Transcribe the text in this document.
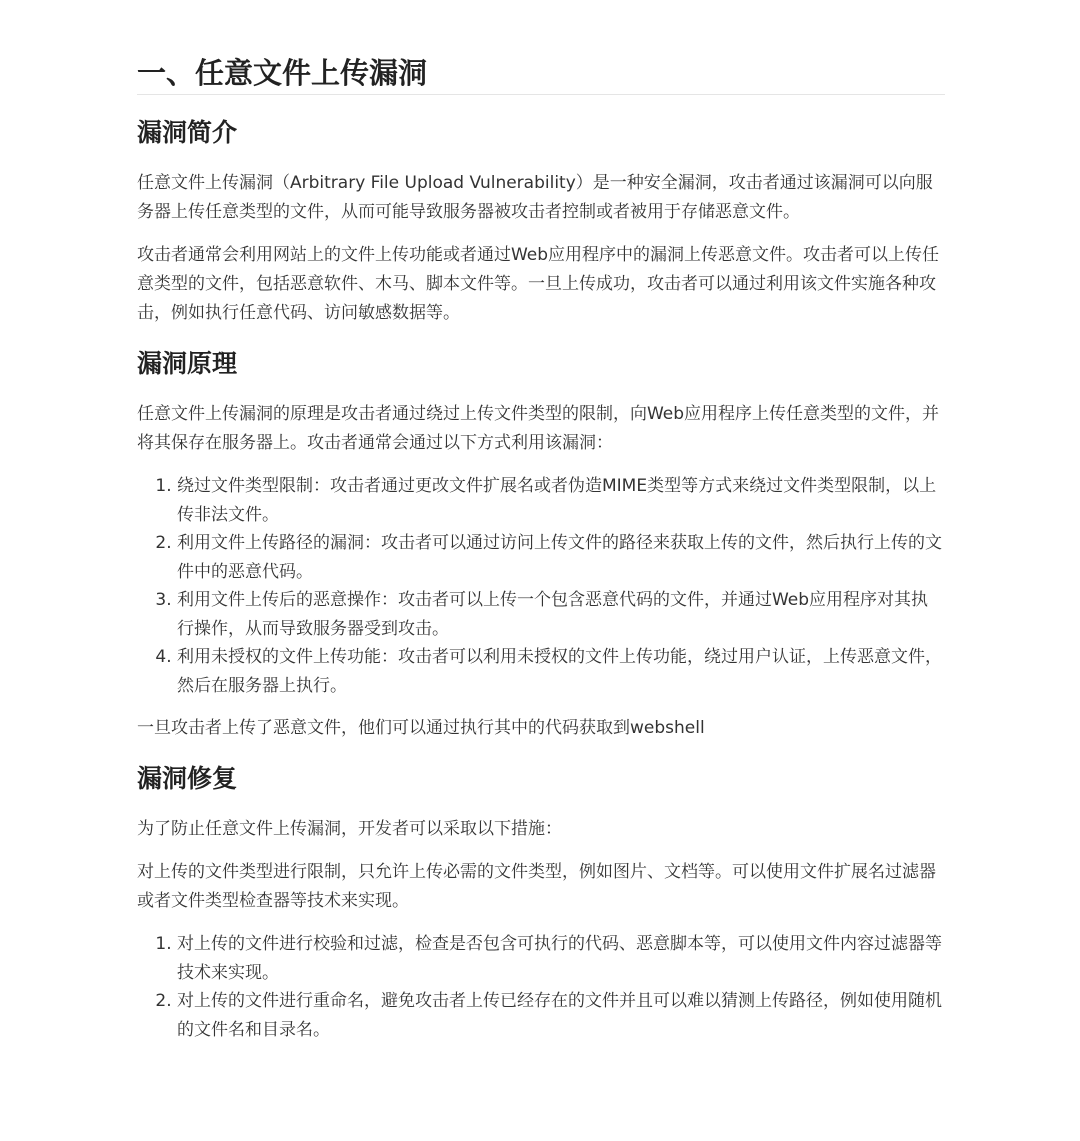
一、任意文件上传漏洞
漏洞简介

任意文件上传漏洞（Arbitrary File Upload Vulnerability）是一种安全漏洞，攻击者通过该漏洞可以向服务器上传任意类型的文件，从而可能导致服务器被攻击者控制或者被用于存储恶意文件。

攻击者通常会利用网站上的文件上传功能或者通过Web应用程序中的漏洞上传恶意文件。攻击者可以上传任意类型的文件，包括恶意软件、木马、脚本文件等。一旦上传成功，攻击者可以通过利用该文件实施各种攻击，例如执行任意代码、访问敏感数据等。

漏洞原理

任意文件上传漏洞的原理是攻击者通过绕过上传文件类型的限制，向Web应用程序上传任意类型的文件，并将其保存在服务器上。攻击者通常会通过以下方式利用该漏洞：

1. 绕过文件类型限制：攻击者通过更改文件扩展名或者伪造MIME类型等方式来绕过文件类型限制，以上传非法文件。
2. 利用文件上传路径的漏洞：攻击者可以通过访问上传文件的路径来获取上传的文件，然后执行上传的文件中的恶意代码。
3. 利用文件上传后的恶意操作：攻击者可以上传一个包含恶意代码的文件，并通过Web应用程序对其执行操作，从而导致服务器受到攻击。
4. 利用未授权的文件上传功能：攻击者可以利用未授权的文件上传功能，绕过用户认证，上传恶意文件，然后在服务器上执行。

一旦攻击者上传了恶意文件，他们可以通过执行其中的代码获取到webshell

漏洞修复

为了防止任意文件上传漏洞，开发者可以采取以下措施：

对上传的文件类型进行限制，只允许上传必需的文件类型，例如图片、文档等。可以使用文件扩展名过滤器或者文件类型检查器等技术来实现。

1. 对上传的文件进行校验和过滤，检查是否包含可执行的代码、恶意脚本等，可以使用文件内容过滤器等技术来实现。
2. 对上传的文件进行重命名，避免攻击者上传已经存在的文件并且可以难以猜测上传路径，例如使用随机的文件名和目录名。
